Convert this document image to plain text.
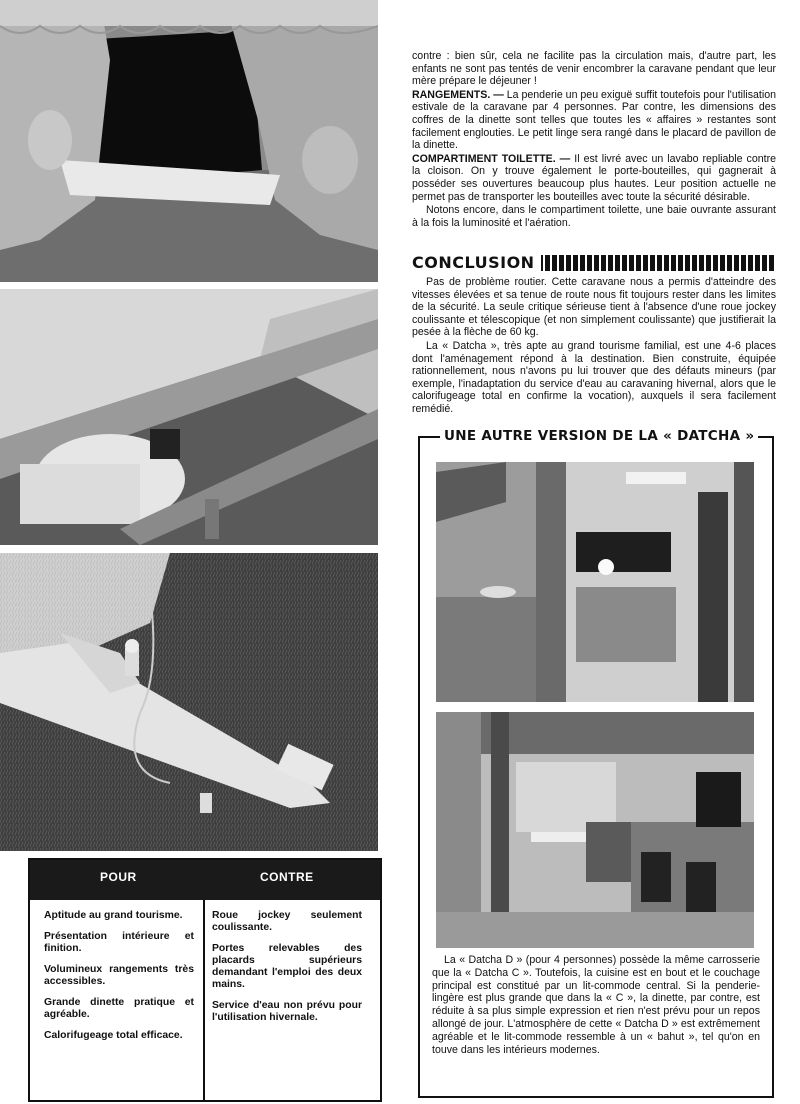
contre : bien sûr, cela ne facilite pas la circulation mais, d'autre part, les enfants ne sont pas tentés de venir encombrer la caravane pendant que leur mère prépare le déjeuner !

RANGEMENTS. — La penderie un peu exiguë suffit toutefois pour l'utilisation estivale de la caravane par 4 personnes. Par contre, les dimensions des coffres de la dinette sont telles que toutes les « affaires » restantes sont facilement englouties. Le petit linge sera rangé dans le placard de pavillon de la dinette.

COMPARTIMENT TOILETTE. — Il est livré avec un lavabo repliable contre la cloison. On y trouve également le porte-bouteilles, qui gagnerait à posséder ses ouvertures beaucoup plus hautes. Leur position actuelle ne permet pas de transporter les bouteilles avec toute la sécurité désirable.

Notons encore, dans le compartiment toilette, une baie ouvrante assurant à la fois la luminosité et l'aération.

CONCLUSION

Pas de problème routier. Cette caravane nous a permis d'atteindre des vitesses élevées et sa tenue de route nous fit toujours rester dans les limites de la sécurité. La seule critique sérieuse tient à l'absence d'une roue jockey coulissante et télescopique (et non simplement coulissante) que justifierait la pesée à la flèche de 60 kg.

La « Datcha », très apte au grand tourisme familial, est une 4-6 places dont l'aménagement répond à la destination. Bien construite, équipée rationnellement, nous n'avons pu lui trouver que des défauts mineurs (par exemple, l'inadaptation du service d'eau au caravaning hivernal, alors que le calorifugeage total en confirme la vocation), auxquels il sera facilement remédié.

UNE AUTRE VERSION DE LA « DATCHA »

La « Datcha D » (pour 4 personnes) possède la même carrosserie que la « Datcha C ». Toutefois, la cuisine est en bout et le couchage principal est constitué par un lit-commode central. Si la penderie-lingère est plus grande que dans la « C », la dinette, par contre, est réduite à sa plus simple expression et rien n'est prévu pour un repos allongé de jour. L'atmosphère de cette « Datcha D » est extrêmement agréable et le lit-commode ressemble à un « bahut », tel qu'on en touve dans les intérieurs modernes.

POUR	CONTRE
Aptitude au grand tourisme.
Présentation intérieure et finition.
Volumineux rangements très accessibles.
Grande dinette pratique et agréable.
Calorifugeage total efficace.
Roue jockey seulement coulissante.
Portes relevables des placards supérieurs demandant l'emploi des deux mains.
Service d'eau non prévu pour l'utilisation hivernale.
